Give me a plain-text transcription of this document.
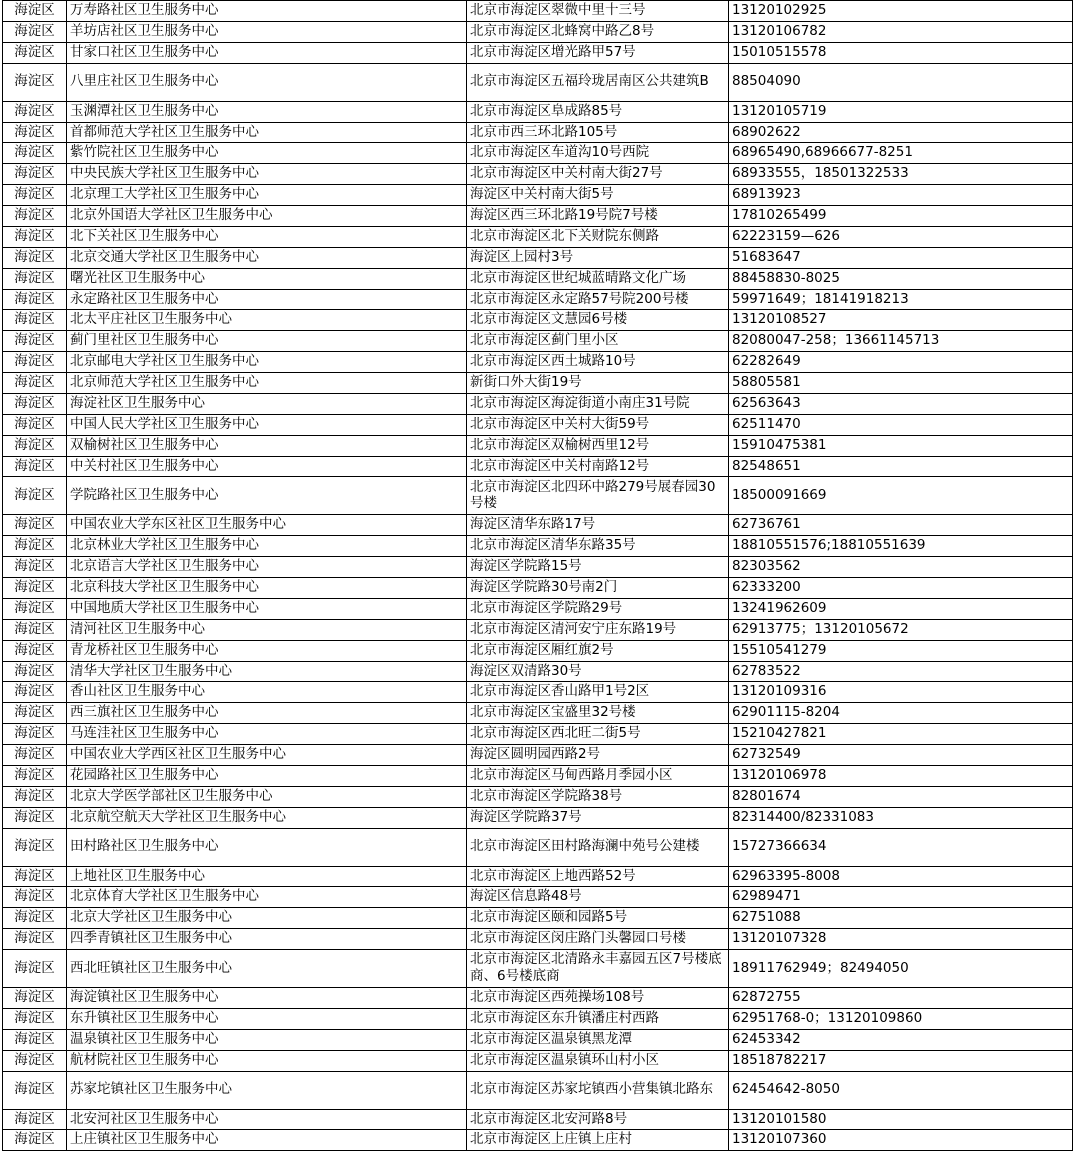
海淀区	万寿路社区卫生服务中心	北京市海淀区翠微中里十三号	13120102925
海淀区	羊坊店社区卫生服务中心	北京市海淀区北蜂窝中路乙8号	13120106782
海淀区	甘家口社区卫生服务中心	北京市海淀区增光路甲57号	15010515578
海淀区	八里庄社区卫生服务中心	北京市海淀区五福玲珑居南区公共建筑B	88504090
海淀区	玉渊潭社区卫生服务中心	北京市海淀区阜成路85号	13120105719
海淀区	首都师范大学社区卫生服务中心	北京市西三环北路105号	68902622
海淀区	紫竹院社区卫生服务中心	北京市海淀区车道沟10号西院	68965490,68966677-8251
海淀区	中央民族大学社区卫生服务中心	北京市海淀区中关村南大街27号	68933555，18501322533
海淀区	北京理工大学社区卫生服务中心	海淀区中关村南大街5号	68913923
海淀区	北京外国语大学社区卫生服务中心	海淀区西三环北路19号院7号楼	17810265499
海淀区	北下关社区卫生服务中心	北京市海淀区北下关财院东侧路	62223159—626
海淀区	北京交通大学社区卫生服务中心	海淀区上园村3号	51683647
海淀区	曙光社区卫生服务中心	北京市海淀区世纪城蓝晴路文化广场	88458830-8025
海淀区	永定路社区卫生服务中心	北京市海淀区永定路57号院200号楼	59971649；18141918213
海淀区	北太平庄社区卫生服务中心	北京市海淀区文慧园6号楼	13120108527
海淀区	蓟门里社区卫生服务中心	北京市海淀区蓟门里小区	82080047-258；13661145713
海淀区	北京邮电大学社区卫生服务中心	北京市海淀区西土城路10号	62282649
海淀区	北京师范大学社区卫生服务中心	新街口外大街19号	58805581
海淀区	海淀社区卫生服务中心	北京市海淀区海淀街道小南庄31号院	62563643
海淀区	中国人民大学社区卫生服务中心	北京市海淀区中关村大街59号	62511470
海淀区	双榆树社区卫生服务中心	北京市海淀区双榆树西里12号	15910475381
海淀区	中关村社区卫生服务中心	北京市海淀区中关村南路12号	82548651
海淀区	学院路社区卫生服务中心	北京市海淀区北四环中路279号展春园30号楼	18500091669
海淀区	中国农业大学东区社区卫生服务中心	海淀区清华东路17号	62736761
海淀区	北京林业大学社区卫生服务中心	北京市海淀区清华东路35号	18810551576;18810551639
海淀区	北京语言大学社区卫生服务中心	海淀区学院路15号	82303562
海淀区	北京科技大学社区卫生服务中心	海淀区学院路30号南2门	62333200
海淀区	中国地质大学社区卫生服务中心	北京市海淀区学院路29号	13241962609
海淀区	清河社区卫生服务中心	北京市海淀区清河安宁庄东路19号	62913775；13120105672
海淀区	青龙桥社区卫生服务中心	北京市海淀区厢红旗2号	15510541279
海淀区	清华大学社区卫生服务中心	海淀区双清路30号	62783522
海淀区	香山社区卫生服务中心	北京市海淀区香山路甲1号2区	13120109316
海淀区	西三旗社区卫生服务中心	北京市海淀区宝盛里32号楼	62901115-8204
海淀区	马连洼社区卫生服务中心	北京市海淀区西北旺二街5号	15210427821
海淀区	中国农业大学西区社区卫生服务中心	海淀区圆明园西路2号	62732549
海淀区	花园路社区卫生服务中心	北京市海淀区马甸西路月季园小区	13120106978
海淀区	北京大学医学部社区卫生服务中心	北京市海淀区学院路38号	82801674
海淀区	北京航空航天大学社区卫生服务中心	海淀区学院路37号	82314400/82331083
海淀区	田村路社区卫生服务中心	北京市海淀区田村路海澜中苑号公建楼	15727366634
海淀区	上地社区卫生服务中心	北京市海淀区上地西路52号	62963395-8008
海淀区	北京体育大学社区卫生服务中心	海淀区信息路48号	62989471
海淀区	北京大学社区卫生服务中心	北京市海淀区颐和园路5号	62751088
海淀区	四季青镇社区卫生服务中心	北京市海淀区闵庄路门头馨园口号楼	13120107328
海淀区	西北旺镇社区卫生服务中心	北京市海淀区北清路永丰嘉园五区7号楼底商、6号楼底商	18911762949；82494050
海淀区	海淀镇社区卫生服务中心	北京市海淀区西苑操场108号	62872755
海淀区	东升镇社区卫生服务中心	北京市海淀区东升镇潘庄村西路	62951768-0；13120109860
海淀区	温泉镇社区卫生服务中心	北京市海淀区温泉镇黑龙潭	62453342
海淀区	航材院社区卫生服务中心	北京市海淀区温泉镇环山村小区	18518782217
海淀区	苏家坨镇社区卫生服务中心	北京市海淀区苏家坨镇西小营集镇北路东	62454642-8050
海淀区	北安河社区卫生服务中心	北京市海淀区北安河路8号	13120101580
海淀区	上庄镇社区卫生服务中心	北京市海淀区上庄镇上庄村	13120107360
